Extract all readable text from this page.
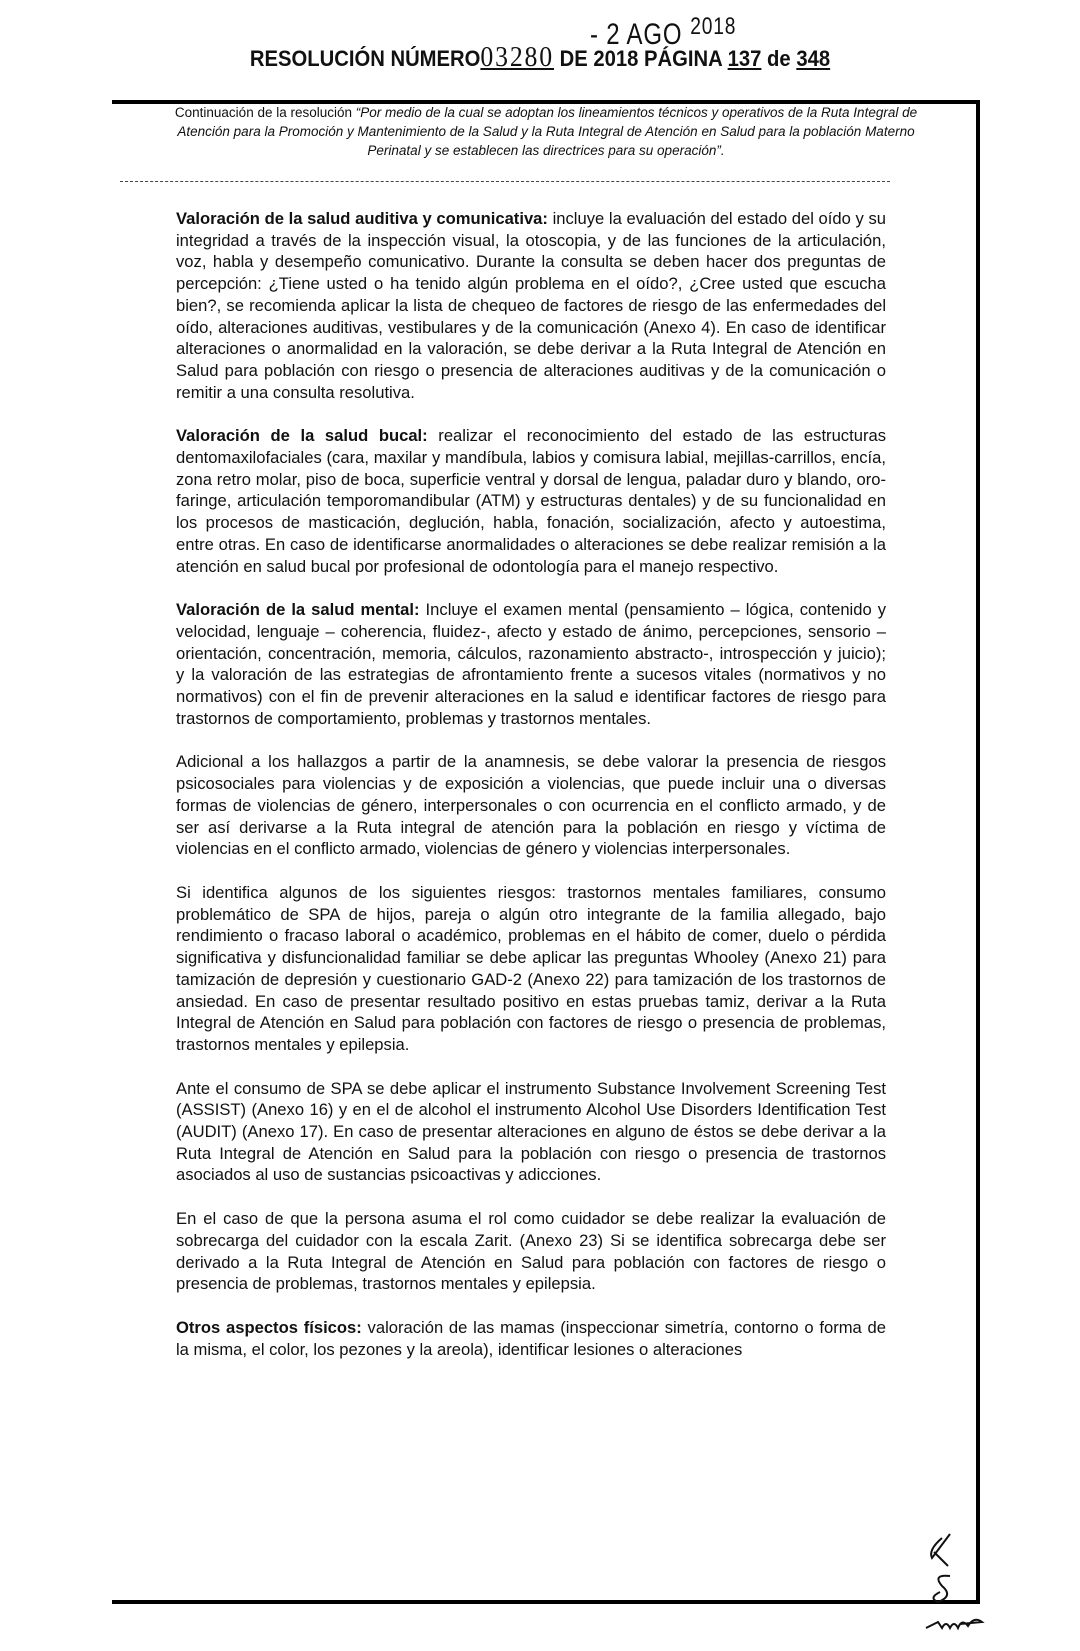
- 2 AGO $^{2018}$
RESOLUCIÓN NÚMERO03280 DE 2018 PÁGINA 137 de 348
Continuación de la resolución “Por medio de la cual se adoptan los lineamientos técnicos y operativos de la Ruta Integral de Atención para la Promoción y Mantenimiento de la Salud y la Ruta Integral de Atención en Salud para la población Materno Perinatal y se establecen las directrices para su operación”.

Valoración de la salud auditiva y comunicativa: incluye la evaluación del estado del oído y su integridad a través de la inspección visual, la otoscopia, y de las funciones de la articulación, voz, habla y desempeño comunicativo. Durante la consulta se deben hacer dos preguntas de percepción: ¿Tiene usted o ha tenido algún problema en el oído?, ¿Cree usted que escucha bien?, se recomienda aplicar la lista de chequeo de factores de riesgo de las enfermedades del oído, alteraciones auditivas, vestibulares y de la comunicación (Anexo 4). En caso de identificar alteraciones o anormalidad en la valoración, se debe derivar a la Ruta Integral de Atención en Salud para población con riesgo o presencia de alteraciones auditivas y de la comunicación o remitir a una consulta resolutiva.

Valoración de la salud bucal: realizar el reconocimiento del estado de las estructuras dentomaxilofaciales (cara, maxilar y mandíbula, labios y comisura labial, mejillas-carrillos, encía, zona retro molar, piso de boca, superficie ventral y dorsal de lengua, paladar duro y blando, oro-faringe, articulación temporomandibular (ATM) y estructuras dentales) y de su funcionalidad en los procesos de masticación, deglución, habla, fonación, socialización, afecto y autoestima, entre otras. En caso de identificarse anormalidades o alteraciones se debe realizar remisión a la atención en salud bucal por profesional de odontología para el manejo respectivo.

Valoración de la salud mental: Incluye el examen mental (pensamiento – lógica, contenido y velocidad, lenguaje – coherencia, fluidez-, afecto y estado de ánimo, percepciones, sensorio – orientación, concentración, memoria, cálculos, razonamiento abstracto-, introspección y juicio); y la valoración de las estrategias de afrontamiento frente a sucesos vitales (normativos y no normativos) con el fin de prevenir alteraciones en la salud e identificar factores de riesgo para trastornos de comportamiento, problemas y trastornos mentales.

Adicional a los hallazgos a partir de la anamnesis, se debe valorar la presencia de riesgos psicosociales para violencias y de exposición a violencias, que puede incluir una o diversas formas de violencias de género, interpersonales o con ocurrencia en el conflicto armado, y de ser así derivarse a la Ruta integral de atención para la población en riesgo y víctima de violencias en el conflicto armado, violencias de género y violencias interpersonales.

Si identifica algunos de los siguientes riesgos: trastornos mentales familiares, consumo problemático de SPA de hijos, pareja o algún otro integrante de la familia allegado, bajo rendimiento o fracaso laboral o académico, problemas en el hábito de comer, duelo o pérdida significativa y disfuncionalidad familiar se debe aplicar las preguntas Whooley (Anexo 21) para tamización de depresión y cuestionario GAD-2 (Anexo 22) para tamización de los trastornos de ansiedad. En caso de presentar resultado positivo en estas pruebas tamiz, derivar a la Ruta Integral de Atención en Salud para población con factores de riesgo o presencia de problemas, trastornos mentales y epilepsia.

Ante el consumo de SPA se debe aplicar el instrumento Substance Involvement Screening Test (ASSIST) (Anexo 16) y en el de alcohol el instrumento Alcohol Use Disorders Identification Test (AUDIT) (Anexo 17). En caso de presentar alteraciones en alguno de éstos se debe derivar a la Ruta Integral de Atención en Salud para la población con riesgo o presencia de trastornos asociados al uso de sustancias psicoactivas y adicciones.

En el caso de que la persona asuma el rol como cuidador se debe realizar la evaluación de sobrecarga del cuidador con la escala Zarit. (Anexo 23) Si se identifica sobrecarga debe ser derivado a la Ruta Integral de Atención en Salud para población con factores de riesgo o presencia de problemas, trastornos mentales y epilepsia.

Otros aspectos físicos: valoración de las mamas (inspeccionar simetría, contorno o forma de la misma, el color, los pezones y la areola), identificar lesiones o alteraciones
